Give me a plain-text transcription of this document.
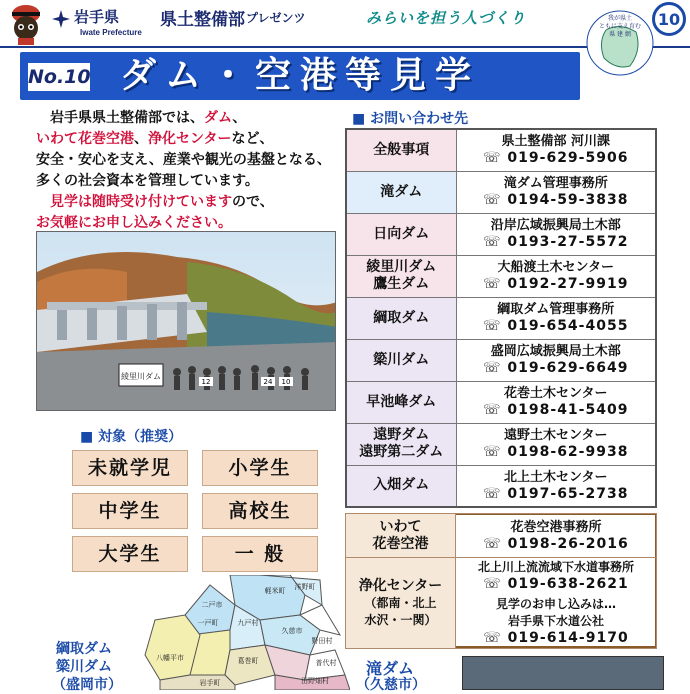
岩手県
Iwate Prefecture
県土整備部 プレゼンツ	みらいを担う人づくり	我が県土
ともに支え育む
県 建 網
10
No.10 ダム・空港等見学

　岩手県県土整備部では、ダム、

いわて花巻空港、浄化センターなど、

安全・安心を支え、産業や観光の基盤となる、多くの社会資本を管理しています。

　見学は随時受け付けていますので、

お気軽にお申し込みください。

綾里川ダム
12	24 10
■ 対象（推奨）
未就学児	小学生
中学生	高校生
大学生	一 般
軽米町 洋野町
二戸市
九戸村
一戸町
久慈市
八幡平市	葛巻町
岩手町
普代村
野田村
田野畑村
綱取ダム
簗川ダム
（盛岡市）
滝ダム
（久慈市）
■ お問い合わせ先
全般事項	県土整備部 河川課
☏ 019-629-5906

滝ダム	滝ダム管理事務所
☏ 0194-59-3838

日向ダム	沿岸広域振興局土木部
☏ 0193-27-5572

綾里川ダム
鷹生ダム	大船渡土木センター
☏ 0192-27-9919

綱取ダム	綱取ダム管理事務所
☏ 019-654-4055

簗川ダム	盛岡広域振興局土木部
☏ 019-629-6649

早池峰ダム	花巻土木センター
☏ 0198-41-5409

遠野ダム
遠野第二ダム	遠野土木センター
☏ 0198-62-9938

入畑ダム	北上土木センター
☏ 0197-65-2738
いわて
花巻空港	花巻空港事務所
☏ 0198-26-2016

浄化センター
（都南・北上
水沢・一関）	北上川上流流域下水道事務所
☏ 019-638-2621
見学のお申し込みは…
岩手県下水道公社
☏ 019-614-9170
